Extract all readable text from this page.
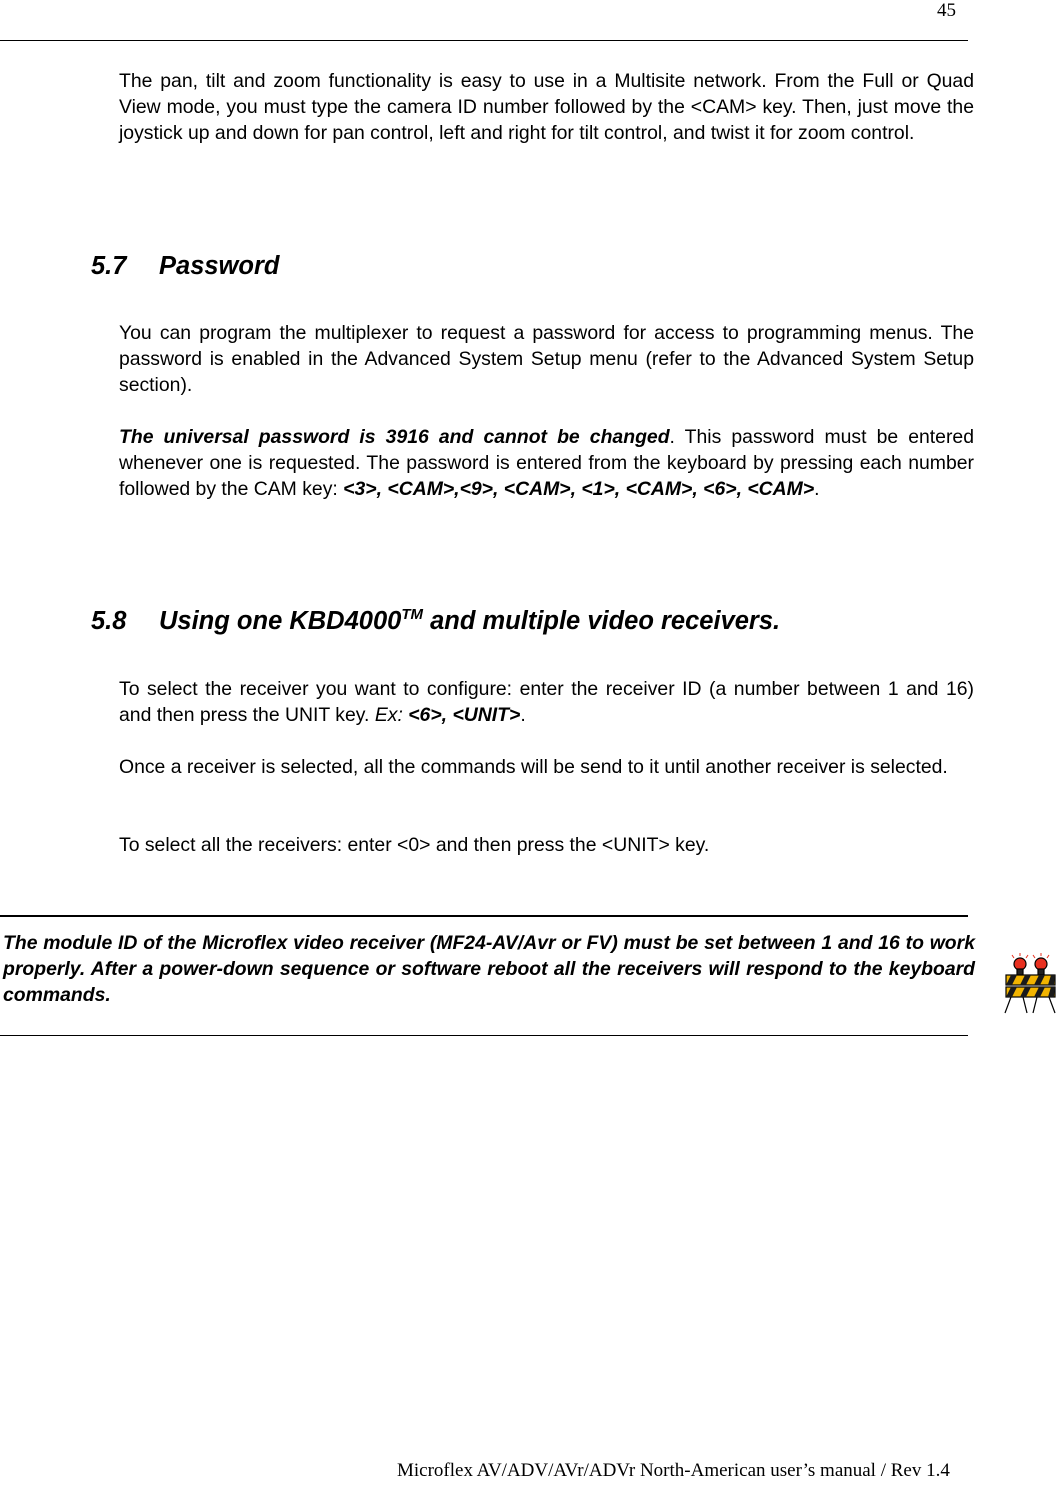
45

The pan, tilt and zoom functionality is easy to use in a Multisite network. From the Full or Quad View mode, you must type the camera ID number followed by the <CAM> key. Then, just move the joystick up and down for pan control, left and right for tilt control, and twist it for zoom control.

5.7 Password

You can program the multiplexer to request a password for access to programming menus. The password is enabled in the Advanced System Setup menu (refer to the Advanced System Setup section).

The universal password is 3916 and cannot be changed. This password must be entered whenever one is requested. The password is entered from the keyboard by pressing each number followed by the CAM key: <3>, <CAM>,<9>, <CAM>, <1>, <CAM>, <6>, <CAM>.

5.8 Using one KBD4000™ and multiple video receivers.

To select the receiver you want to configure: enter the receiver ID (a number between 1 and 16) and then press the UNIT key. Ex: <6>, <UNIT>.

Once a receiver is selected, all the commands will be send to it until another receiver is selected.

To select all the receivers: enter <0> and then press the <UNIT> key.

The module ID of the Microflex video receiver (MF24-AV/Avr or FV) must be set between 1 and 16 to work properly. After a power-down sequence or software reboot all the receivers will respond to the keyboard commands.

Microflex AV/ADV/AVr/ADVr North-American user’s manual / Rev 1.4
